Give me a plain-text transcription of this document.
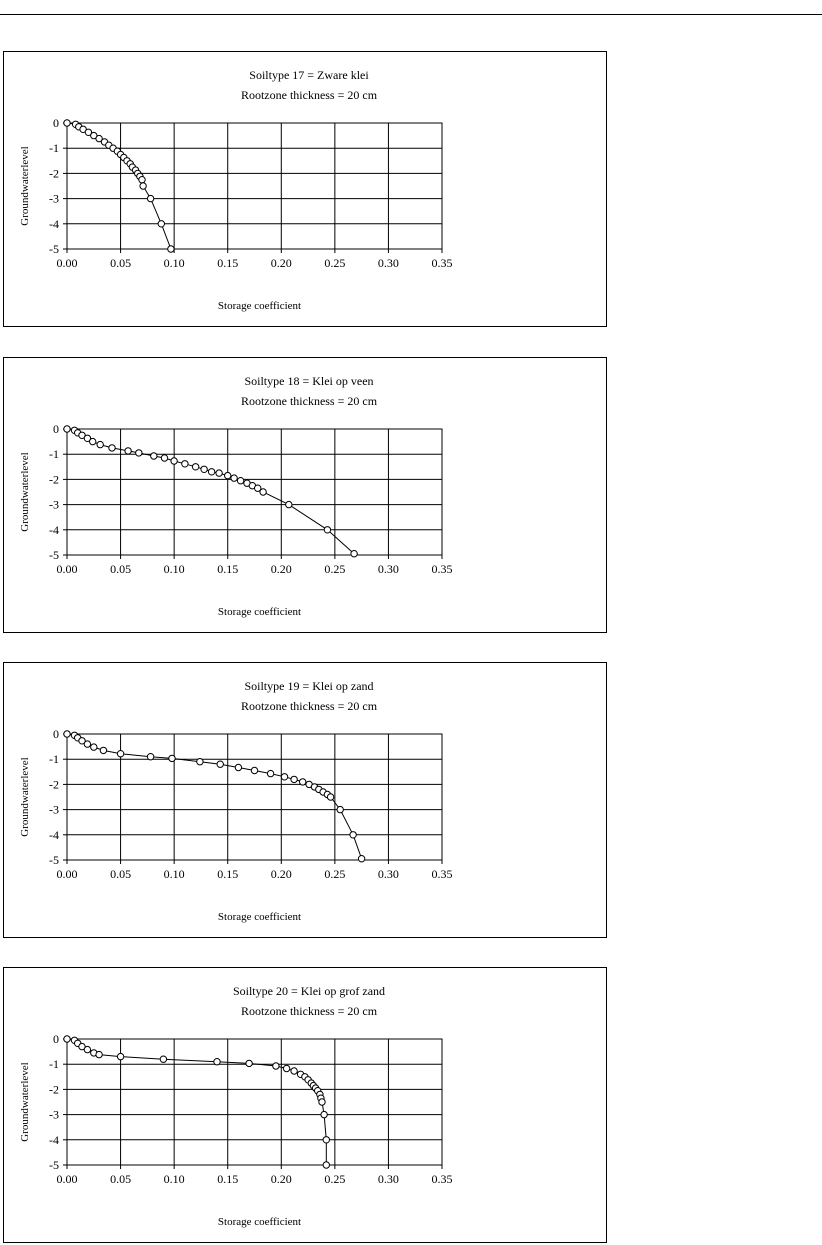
Soiltype 17 = Zware klei
Rootzone thickness = 20 cm
0.00	0.05	0.10	0.15	0.20	0.25	0.30	0.35
0
-1
-2
-3
-4
-5
Storage coefficient
Groundwaterlevel
Soiltype 18 = Klei op veen
Rootzone thickness = 20 cm
0.00	0.05	0.10	0.15	0.20	0.25	0.30	0.35
0
-1
-2
-3
-4
-5
Storage coefficient
Groundwaterlevel
Soiltype 19 = Klei op zand
Rootzone thickness = 20 cm
0.00	0.05	0.10	0.15	0.20	0.25	0.30	0.35
0
-1
-2
-3
-4
-5
Storage coefficient
Groundwaterlevel
Soiltype 20 = Klei op grof zand
Rootzone thickness = 20 cm
0.00	0.05	0.10	0.15	0.20	0.25	0.30	0.35
0
-1
-2
-3
-4
-5
Storage coefficient
Groundwaterlevel
